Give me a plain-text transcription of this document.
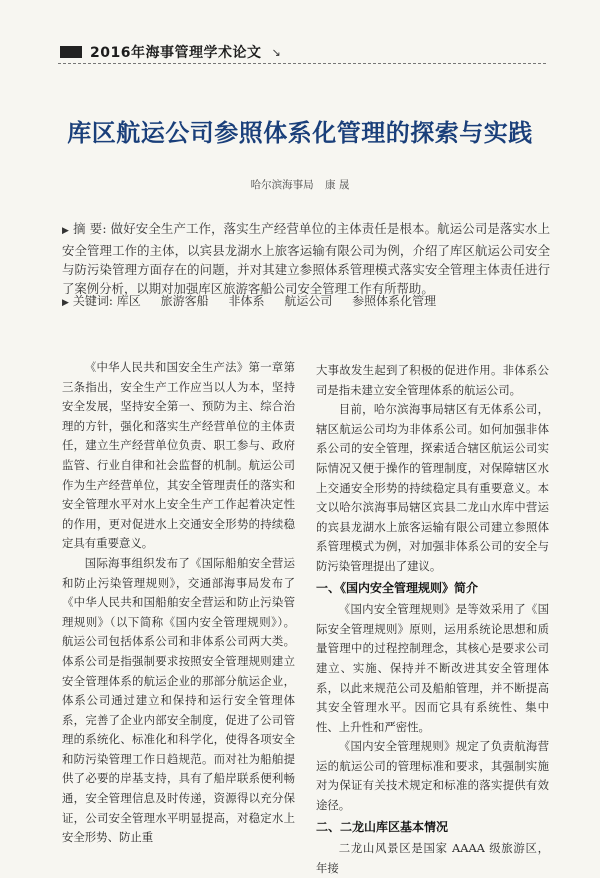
2016年海事管理学术论文 ↘
库区航运公司参照体系化管理的探索与实践
哈尔滨海事局 康 晟
▶ 摘 要: 做好安全生产工作，落实生产经营单位的主体责任是根本。航运公司是落实水上安全管理工作的主体，以宾县龙湖水上旅客运输有限公司为例，介绍了库区航运公司安全与防污染管理方面存在的问题，并对其建立参照体系管理模式落实安全管理主体责任进行了案例分析，以期对加强库区旅游客船公司安全管理工作有所帮助。
▶ 关键词: 库区 旅游客船 非体系 航运公司 参照体系化管理

《中华人民共和国安全生产法》第一章第三条指出，安全生产工作应当以人为本，坚持安全发展，坚持安全第一、预防为主、综合治理的方针，强化和落实生产经营单位的主体责任，建立生产经营单位负责、职工参与、政府监管、行业自律和社会监督的机制。航运公司作为生产经营单位，其安全管理责任的落实和安全管理水平对水上安全生产工作起着决定性的作用，更对促进水上交通安全形势的持续稳定具有重要意义。

国际海事组织发布了《国际船舶安全营运和防止污染管理规则》，交通部海事局发布了《中华人民共和国船舶安全营运和防止污染管理规则》（以下简称《国内安全管理规则》）。航运公司包括体系公司和非体系公司两大类。体系公司是指强制要求按照安全管理规则建立安全管理体系的航运企业的那部分航运企业，体系公司通过建立和保持和运行安全管理体系，完善了企业内部安全制度，促进了公司管理的系统化、标准化和科学化，使得各项安全和防污染管理工作日趋规范。而对社为船舶提供了必要的岸基支持，具有了船岸联系便利畅通，安全管理信息及时传递，资源得以充分保证，公司安全管理水平明显提高，对稳定水上安全形势、防止重

大事故发生起到了积极的促进作用。非体系公司是指未建立安全管理体系的航运公司。

目前，哈尔滨海事局辖区有无体系公司，辖区航运公司均为非体系公司。如何加强非体系公司的安全管理，探索适合辖区航运公司实际情况又便于操作的管理制度，对保障辖区水上交通安全形势的持续稳定具有重要意义。本文以哈尔滨海事局辖区宾县二龙山水库中营运的宾县龙湖水上旅客运输有限公司建立参照体系管理模式为例，对加强非体系公司的安全与防污染管理提出了建议。

一、《国内安全管理规则》简介

《国内安全管理规则》是等效采用了《国际安全管理规则》原则，运用系统论思想和质量管理中的过程控制理念，其核心是要求公司建立、实施、保持并不断改进其安全管理体系，以此来规范公司及船舶管理，并不断提高其安全管理水平。因而它具有系统性、集中性、上升性和严密性。

《国内安全管理规则》规定了负责航海营运的航运公司的管理标准和要求，其强制实施对为保证有关技术规定和标准的落实提供有效途径。

二、二龙山库区基本情况

二龙山风景区是国家 AAAA 级旅游区，年接
